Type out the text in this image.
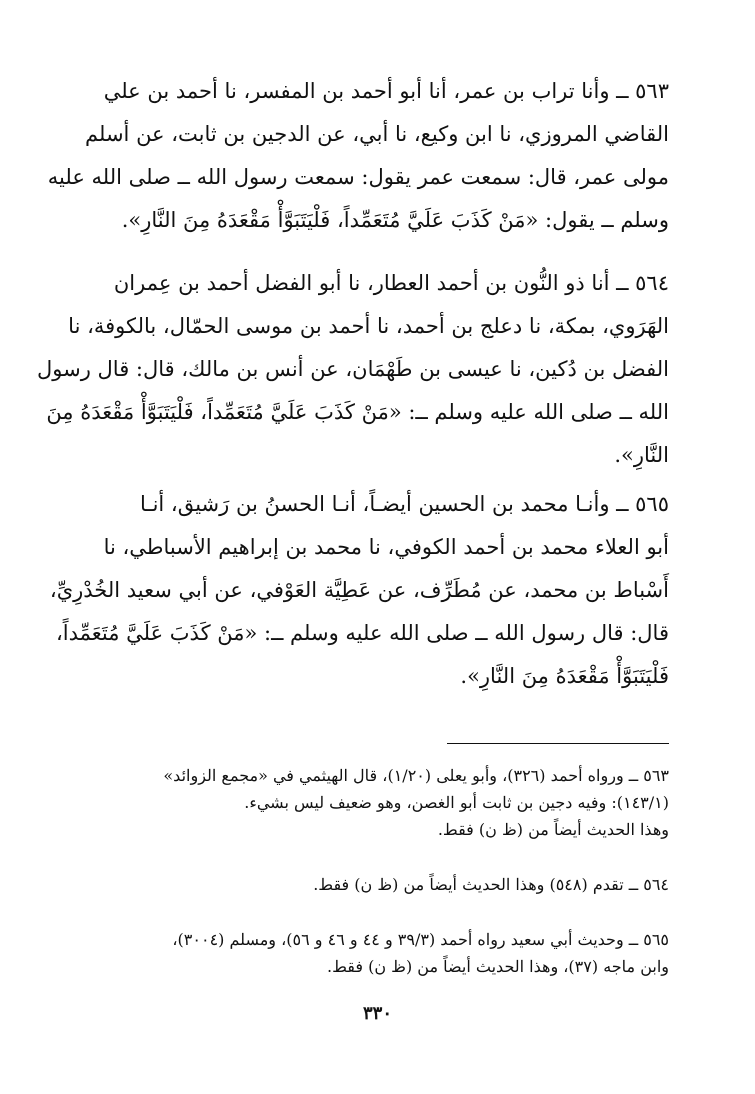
٥٦٣ ــ وأنا تراب بن عمر، أنا أبو أحمد بن المفسر، نا أحمد بن علي
القاضي المروزي، نا ابن وكيع، نا أبي، عن الدجين بن ثابت، عن أسلم
مولى عمر، قال: سمعت عمر يقول: سمعت رسول الله ــ صلى الله عليه
وسلم ــ يقول: «مَنْ كَذَبَ عَلَيَّ مُتَعَمِّداً، فَلْيَتَبَوَّأْ مَقْعَدَهُ مِنَ النَّارِ».
٥٦٤ ــ أنا ذو النُّون بن أحمد العطار، نا أبو الفضل أحمد بن عِمران
الهَرَوي، بمكة، نا دعلج بن أحمد، نا أحمد بن موسى الحمّال، بالكوفة، نا
الفضل بن دُكين، نا عيسى بن طَهْمَان، عن أنس بن مالك، قال: قال رسول
الله ــ صلى الله عليه وسلم ــ: «مَنْ كَذَبَ عَلَيَّ مُتَعَمِّداً، فَلْيَتَبَوَّأْ مَقْعَدَهُ مِنَ
النَّارِ».
٥٦٥ ــ وأنـا محمد بن الحسين أيضـاً، أنـا الحسنُ بن رَشيق، أنـا
أبو العلاء محمد بن أحمد الكوفي، نا محمد بن إبراهيم الأسباطي، نا
أَسْباط بن محمد، عن مُطَرِّف، عن عَطِيَّة العَوْفي، عن أبي سعيد الخُدْرِيِّ،
قال: قال رسول الله ــ صلى الله عليه وسلم ــ: «مَنْ كَذَبَ عَلَيَّ مُتَعَمِّداً،
فَلْيَتَبَوَّأْ مَقْعَدَهُ مِنَ النَّارِ».
٥٦٣ ــ ورواه أحمد (٣٢٦)، وأبو يعلى (١/٢٠)، قال الهيثمي في «مجمع الزوائد»
(١٤٣/١): وفيه دجين بن ثابت أبو الغصن، وهو ضعيف ليس بشيء.
وهذا الحديث أيضاً من (ظ ن) فقط.
٥٦٤ ــ تقدم (٥٤٨) وهذا الحديث أيضاً من (ظ ن) فقط.
٥٦٥ ــ وحديث أبي سعيد رواه أحمد (٣٩/٣ و ٤٤ و ٤٦ و ٥٦)، ومسلم (٣٠٠٤)،
وابن ماجه (٣٧)، وهذا الحديث أيضاً من (ظ ن) فقط.
٣٣٠
